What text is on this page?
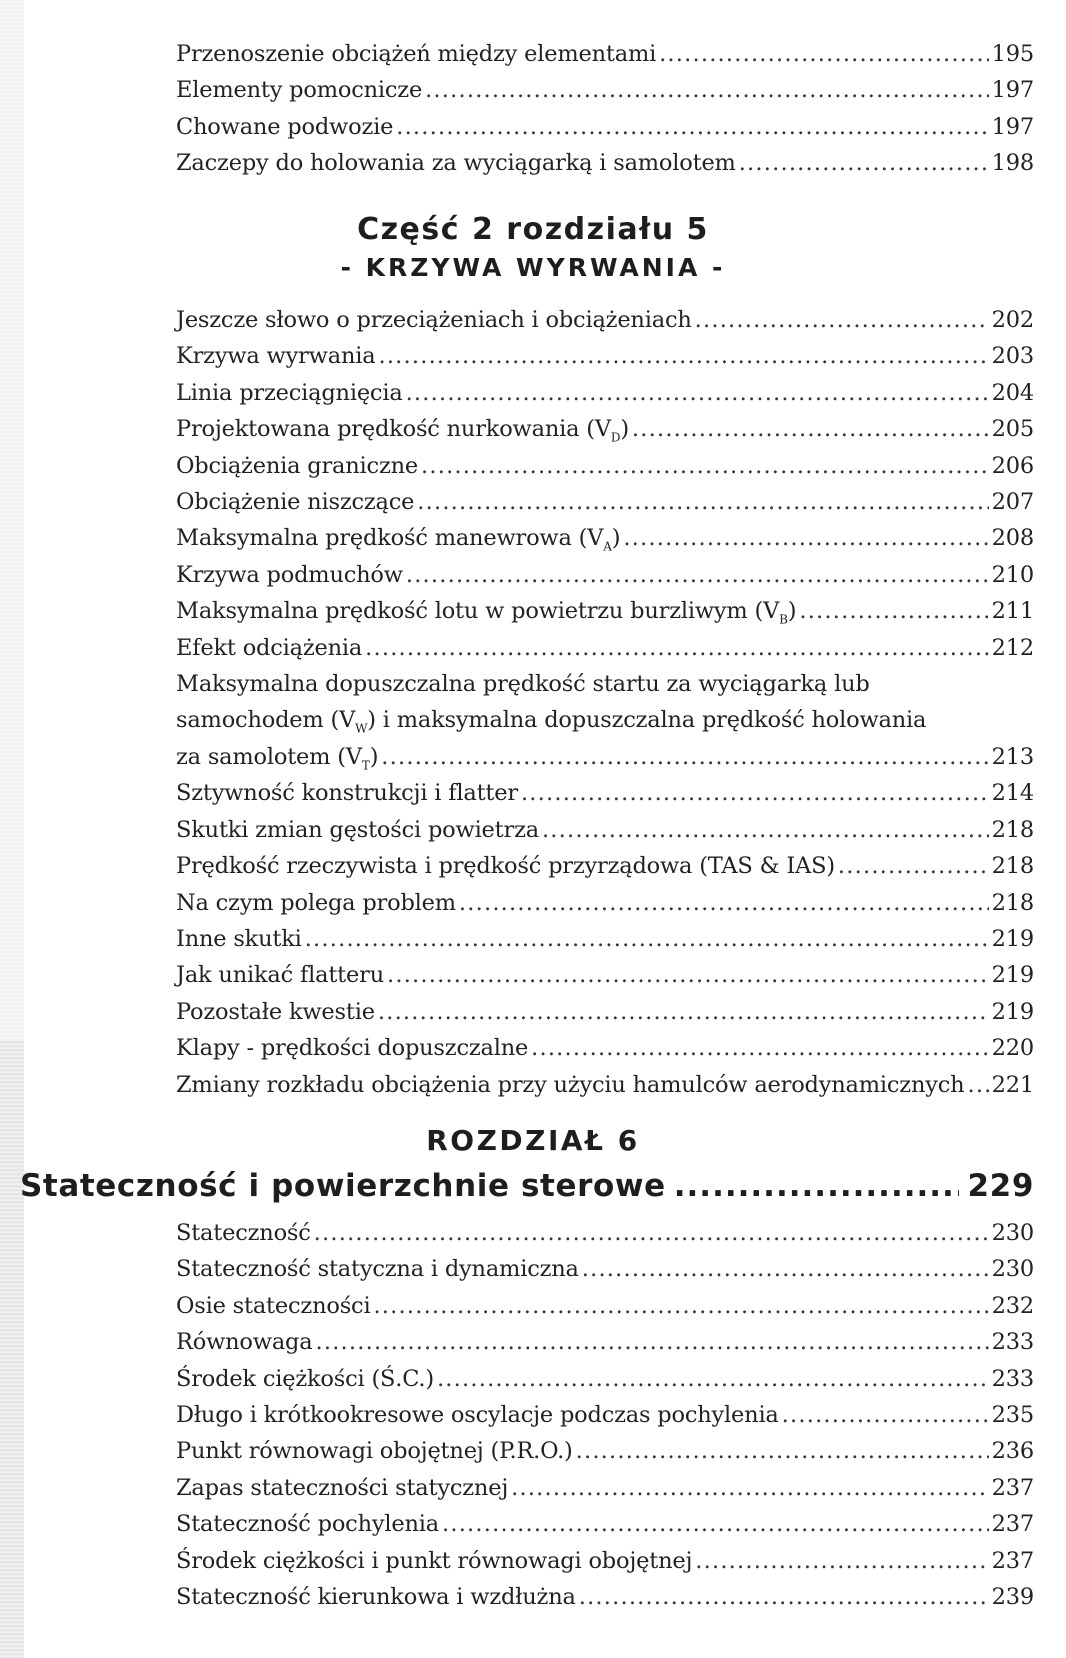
Przenoszenie obciążeń między elementami .....	195
Elementy pomocnicze .....	197
Chowane podwozie .....	197
Zaczepy do holowania za wyciągarką i samolotem .....	198
Część 2 rozdziału 5
- KRZYWA WYRWANIA -
Jeszcze słowo o przeciążeniach i obciążeniach .....	202
Krzywa wyrwania .....	203
Linia przeciągnięcia .....	204
Projektowana prędkość nurkowania $(V_D)$ .....	205
Obciążenia graniczne .....	206
Obciążenie niszczące .....	207
Maksymalna prędkość manewrowa $(V_A)$ .....	208
Krzywa podmuchów .....	210
Maksymalna prędkość lotu w powietrzu burzliwym $(V_B)$ .....	211
Efekt odciążenia .....	212
Maksymalna dopuszczalna prędkość startu za wyciągarką lub
samochodem $(V_W)$ i maksymalna dopuszczalna prędkość holowania
za samolotem $(V_T)$ .....	213
Sztywność konstrukcji i flatter .....	214
Skutki zmian gęstości powietrza .....	218
Prędkość rzeczywista i prędkość przyrządowa (TAS & IAS) .....	218
Na czym polega problem .....	218
Inne skutki .....	219
Jak unikać flatteru .....	219
Pozostałe kwestie .....	219
Klapy - prędkości dopuszczalne .....	220
Zmiany rozkładu obciążenia przy użyciu hamulców aerodynamicznych ..... 221
ROZDZIAŁ 6
Stateczność i powierzchnie sterowe .....	229
Stateczność .....	230
Stateczność statyczna i dynamiczna .....	230
Osie stateczności .....	232
Równowaga .....	233
Środek ciężkości (Ś.C.) .....	233
Długo i krótkookresowe oscylacje podczas pochylenia .....	235
Punkt równowagi obojętnej (P.R.O.) .....	236
Zapas stateczności statycznej .....	237
Stateczność pochylenia .....	237
Środek ciężkości i punkt równowagi obojętnej .....	237
Stateczność kierunkowa i wzdłużna .....	239
